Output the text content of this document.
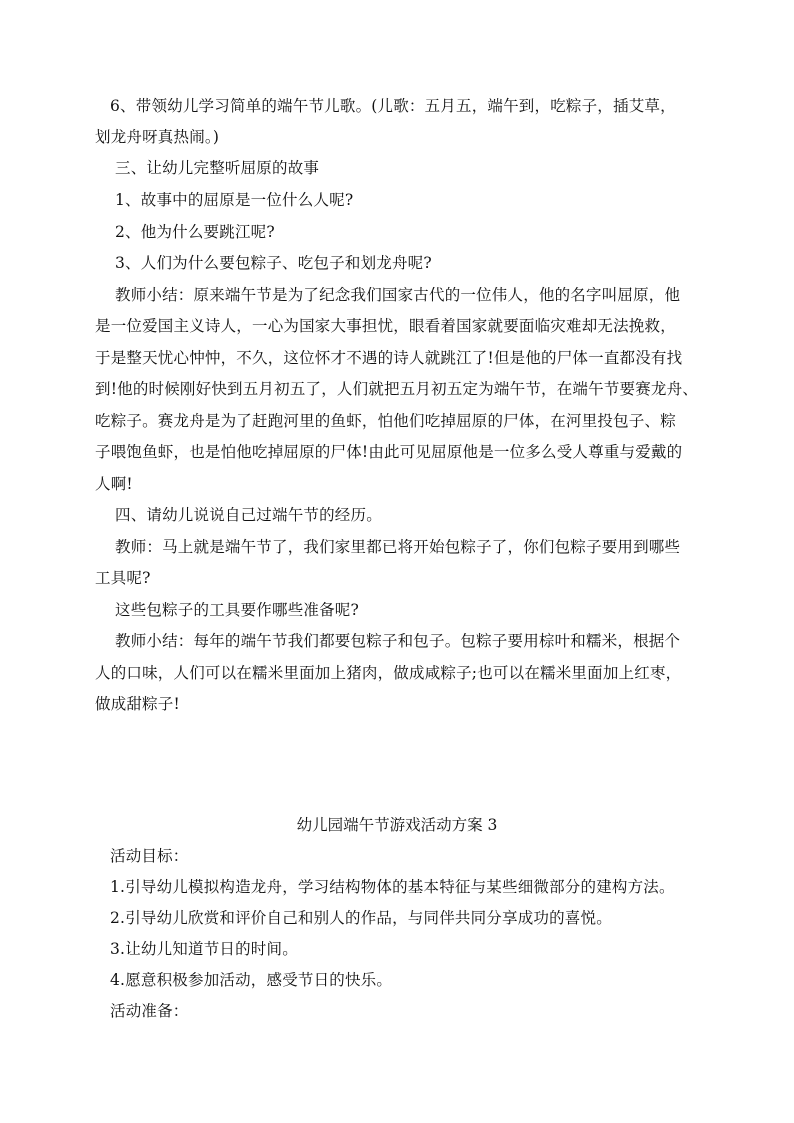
6、带领幼儿学习简单的端午节儿歌。(儿歌：五月五，端午到，吃粽子，插艾草，
划龙舟呀真热闹。)
三、让幼儿完整听屈原的故事
1、故事中的屈原是一位什么人呢?
2、他为什么要跳江呢?
3、人们为什么要包粽子、吃包子和划龙舟呢?
教师小结：原来端午节是为了纪念我们国家古代的一位伟人，他的名字叫屈原，他
是一位爱国主义诗人，一心为国家大事担忧，眼看着国家就要面临灾难却无法挽救，
于是整天忧心忡忡，不久，这位怀才不遇的诗人就跳江了!但是他的尸体一直都没有找
到!他的时候刚好快到五月初五了，人们就把五月初五定为端午节，在端午节要赛龙舟、
吃粽子。赛龙舟是为了赶跑河里的鱼虾，怕他们吃掉屈原的尸体，在河里投包子、粽
子喂饱鱼虾，也是怕他吃掉屈原的尸体!由此可见屈原他是一位多么受人尊重与爱戴的
人啊!
四、请幼儿说说自己过端午节的经历。
教师：马上就是端午节了，我们家里都已将开始包粽子了，你们包粽子要用到哪些
工具呢?
这些包粽子的工具要作哪些准备呢?
教师小结：每年的端午节我们都要包粽子和包子。包粽子要用棕叶和糯米，根据个
人的口味，人们可以在糯米里面加上猪肉，做成咸粽子;也可以在糯米里面加上红枣，
做成甜粽子!
幼儿园端午节游戏活动方案 3
活动目标：
1.引导幼儿模拟构造龙舟，学习结构物体的基本特征与某些细微部分的建构方法。
2.引导幼儿欣赏和评价自己和别人的作品，与同伴共同分享成功的喜悦。
3.让幼儿知道节日的时间。
4.愿意积极参加活动，感受节日的快乐。
活动准备：
